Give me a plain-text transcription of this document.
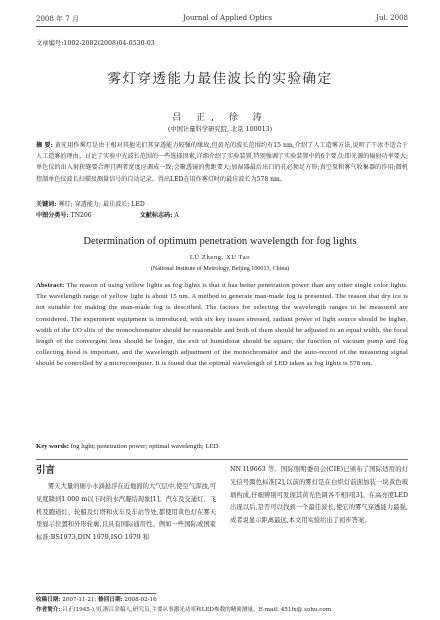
2008 年 7 月	Journal of Applied Optics	Jul. 2008
文章编号:1002-2082(2008)04-0530-03
雾灯穿透能力最佳波长的实验确定
吕 正, 徐 涛
(中国计量科学研究院, 北京 100013)
摘 要: 黄光用作雾灯是由于相对其他光们其穿透能力较强的缘故,但黄光的波长范围约有15 nm,介绍了人工造雾方法,说明了干冰不适合于人工造雾的理由。讨论了实验中光波长范围的一些选择因素,详细介绍了实验装置,特别强调了实验装置中的6个要点:即光源的辐射功率要大;单色仪的出入射狭缝要合理且两者宽度应调成一致;会聚透镜的焦距要大;加湿器最后出口的孔必须足方形;真空泵和雾气收集器的作用;微机控制单色仪波长扫描及测量信号的自动记录。得出LED在用作雾灯时的最佳波长为578 nm。
关键词: 雾灯; 穿透能力; 最佳波长; LED
中图分类号: TN206	文献标志码: A
Determination of optimum penetration wavelength for fog lights
LÜ Zheng, XU Tao
(National Institute of Metrology, Beijing 100013, China)
Abstract: The reason of using yellow lights as fog lights is that it has better penetration power than any other single color lights. The wavelength range of yellow light is about 15 nm. A method to generate man-made fog is presented. The reason that dry ice is not suitable for making the man-made fog is described. The factors for selecting the wavelength ranges to be measured are considered. The experiment equipment is introduced, with six key issues stressed, radiant power of light source should be higher, width of the I/O slits of the monochromator should be reasonable and both of them should be adjusted to an equal width, the focal length of the convergent lens should be longer, the exit of humidistat should be square, the function of vacuum pump and fog collecting hood is important, and the wavelength adjustment of the monochromator and the auto-record of the measuring signal should be controlled by a microcomputer. It is found that the optimal wavelength of LED taken as fog lights is 578 nm.
Key words: fog light; penetration power; optimal wavelength; LED
引言
雾天大量的细小水滴悬浮在近地面的大气层中,使空气浑浊,可见度降到1 000 m以下时的水汽凝结现象[1]。汽车及交通灯、飞机及跑道灯、轮船及灯塔和火车及车站等处,都使用黄色灯在雾天里显示位置和外形轮廓,且具有国际通用性。例如一些国际或国家标准:BS1973,DIN 1979,ISO 1979 和
NN I19663 等。国际照明委员会(CIE)已颁布了国际适用的灯光信号颜色标准[2],以前的雾灯是在白炽灯前面加装一块黄色玻璃构成,仔细辨别可发现其黄光色调各不相同[3]。在高亮度LED出现以后,是否可以找到一个最佳波长,使它的雾气穿透能力最强,成者说显示距离最远,本文用实验给出了初步答案。
收稿日期: 2007-11-21; 修回日期: 2008-02-16
作者简介: 吕正(1945-),男,浙江金稿人,研究员,主要从事激光功率和LED参数的精密测量。E-mail: 451fx@ sohu.com
